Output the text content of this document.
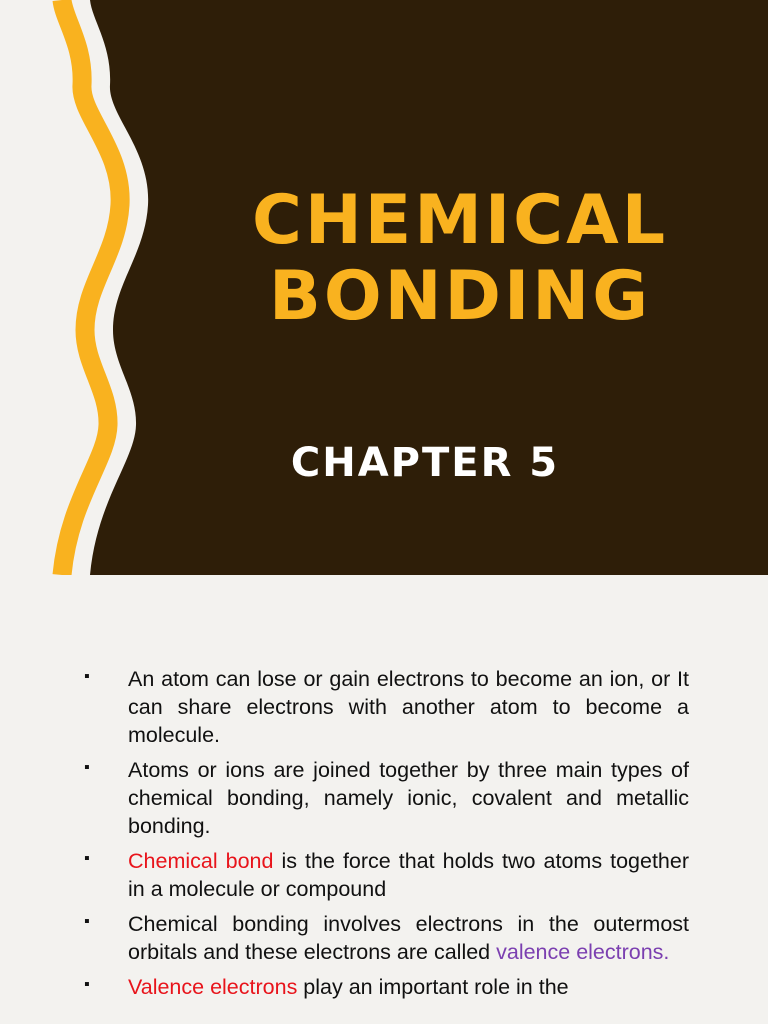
CHEMICAL
BONDING
CHAPTER 5
▪ An atom can lose or gain electrons to become an ion, or It can share electrons with another atom to become a molecule.
▪ Atoms or ions are joined together by three main types of chemical bonding, namely ionic, covalent and metallic bonding.
▪ Chemical bond is the force that holds two atoms together in a molecule or compound
▪ Chemical bonding involves electrons in the outermost orbitals and these electrons are called valence electrons.
▪ Valence electrons play an important role in the
